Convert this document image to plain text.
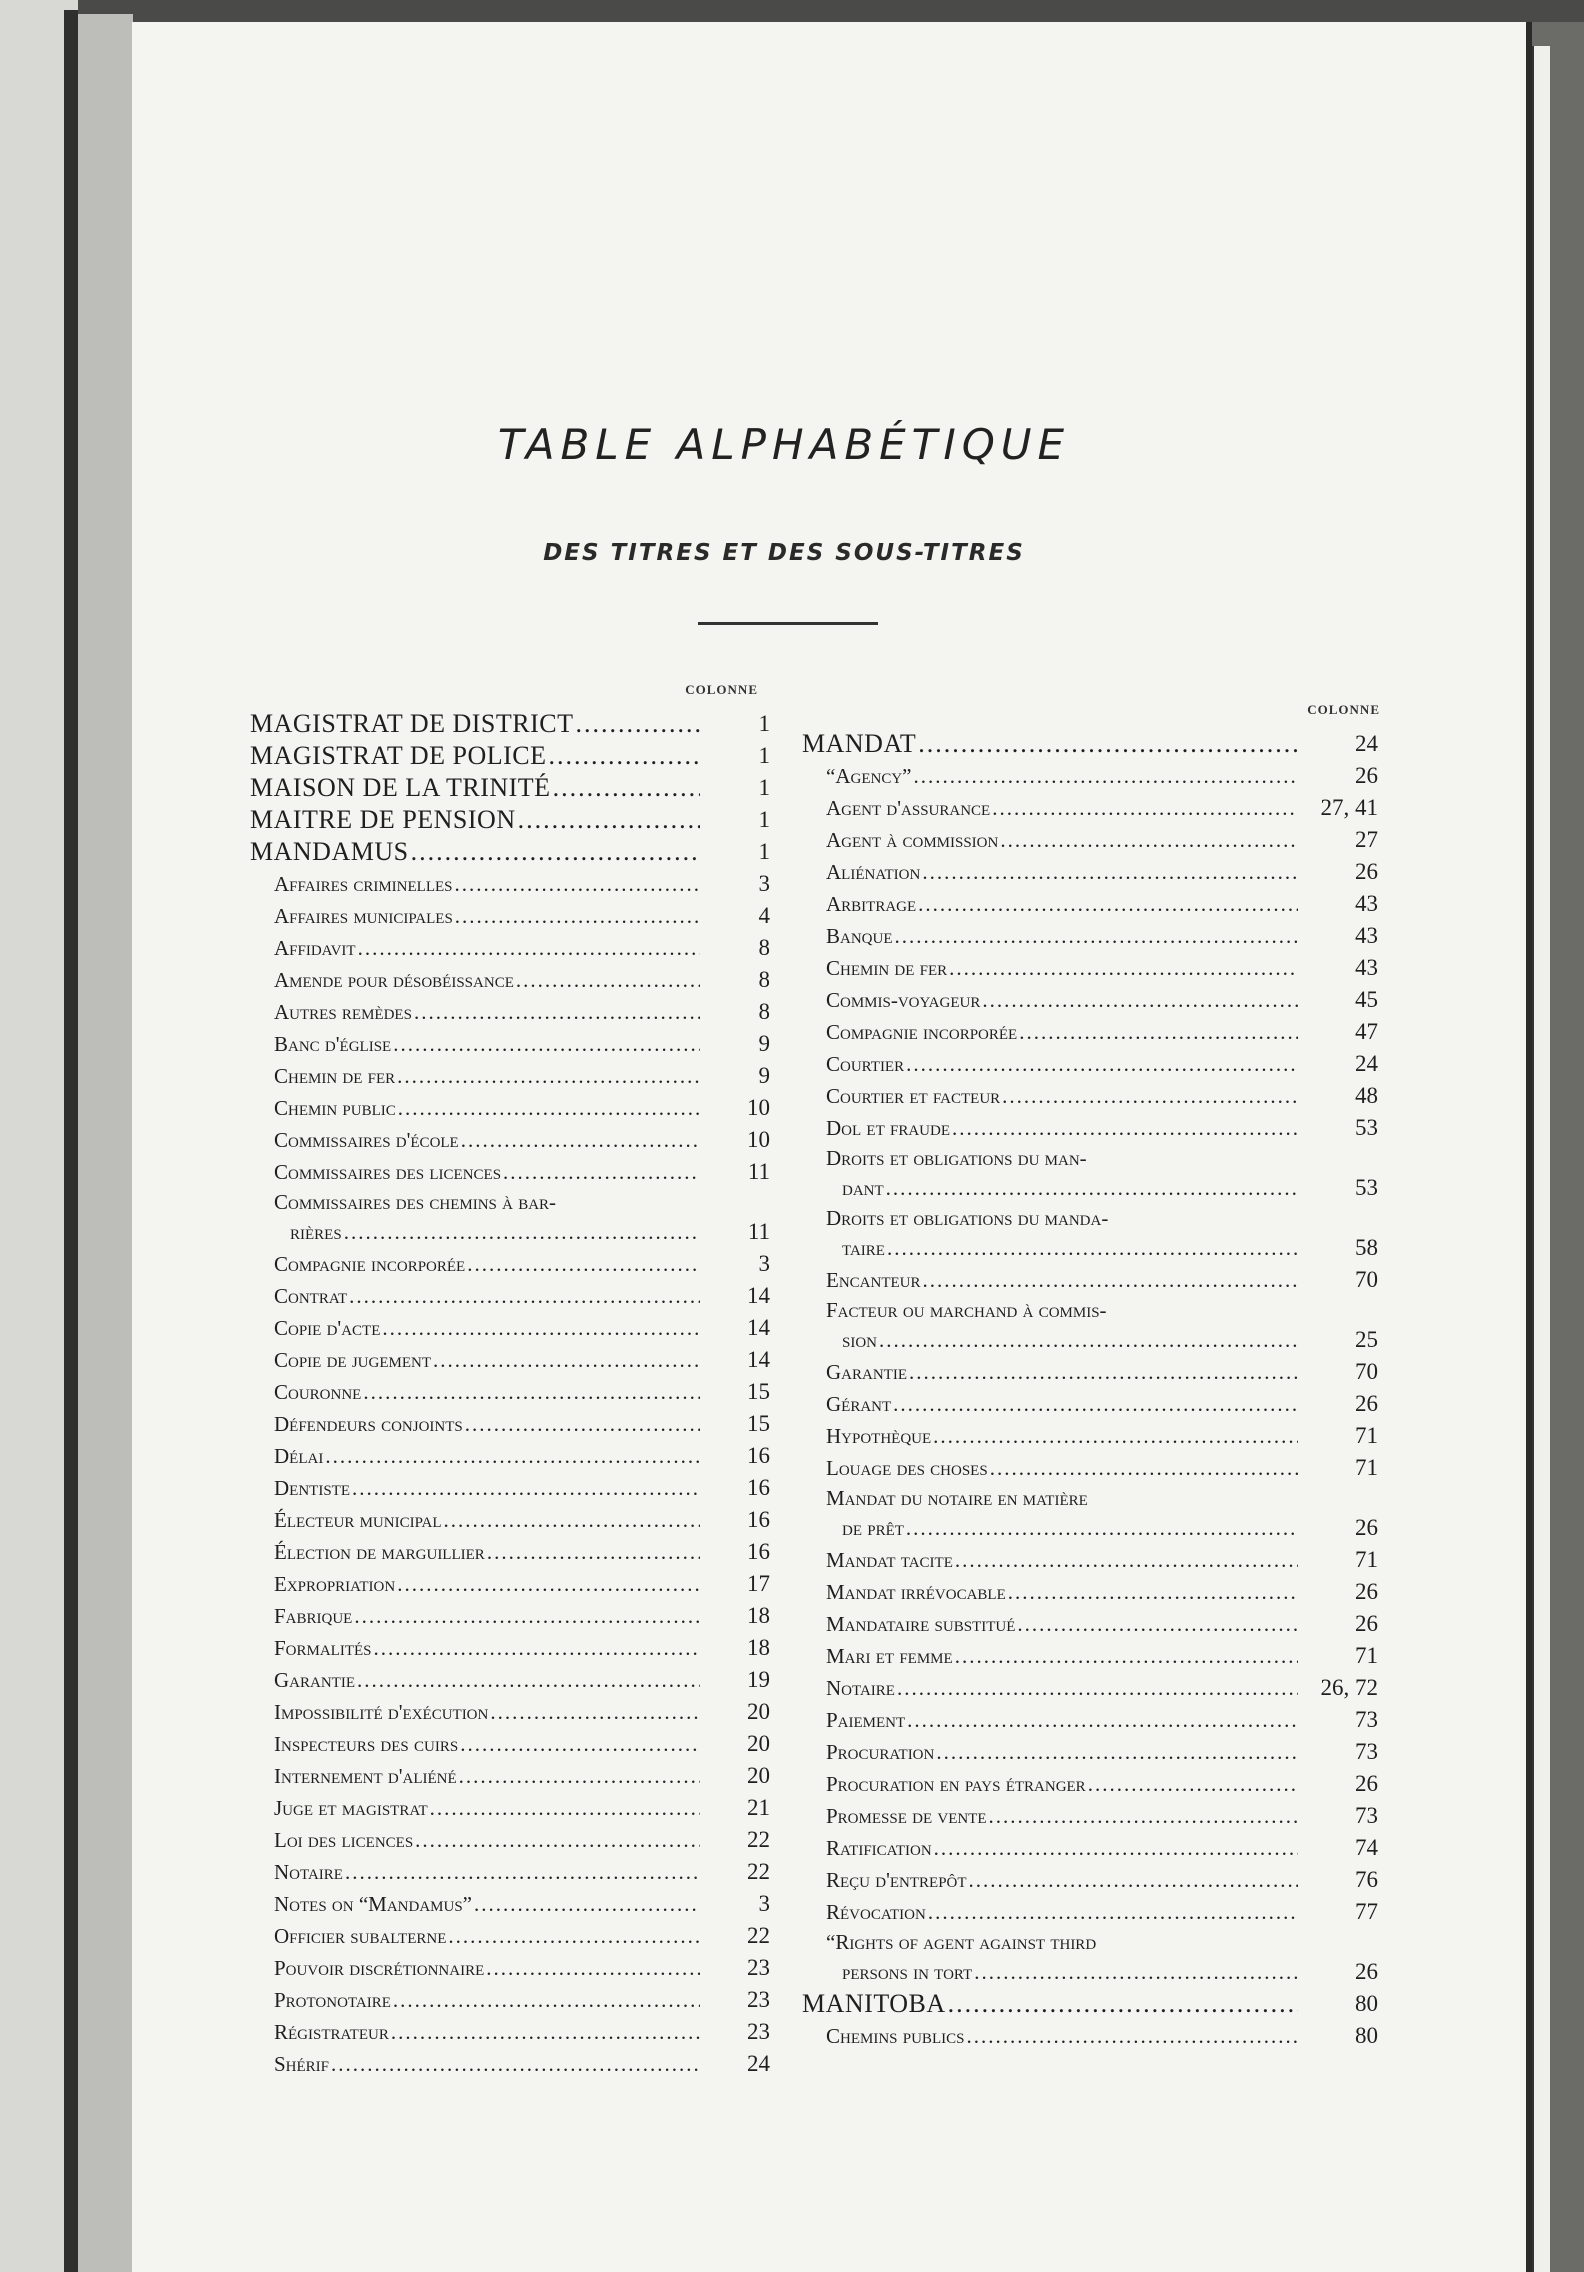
TABLE ALPHABÉTIQUE
DES TITRES ET DES SOUS-TITRES
COLONNE
MAGISTRAT DE DISTRICT .....	1
MAGISTRAT DE POLICE .....	1
MAISON DE LA TRINITÉ .....	1
MAITRE DE PENSION .....	1
MANDAMUS .....	1
Affaires criminelles .....	3
Affaires municipales .....	4
Affidavit .....	8
Amende pour désobéissance .....	8
Autres remèdes .....	8
Banc d'église .....	9
Chemin de fer .....	9
Chemin public .....	10
Commissaires d'école .....	10
Commissaires des licences .....	11
Commissaires des chemins à bar-
rières .....	11
Compagnie incorporée .....	3
Contrat .....	14
Copie d'acte .....	14
Copie de jugement .....	14
Couronne .....	15
Défendeurs conjoints .....	15
Délai .....	16
Dentiste .....	16
Électeur municipal .....	16
Élection de marguillier .....	16
Expropriation .....	17
Fabrique .....	18
Formalités .....	18
Garantie .....	19
Impossibilité d'exécution .....	20
Inspecteurs des cuirs .....	20
Internement d'aliéné .....	20
Juge et magistrat .....	21
Loi des licences .....	22
Notaire .....	22
Notes on “Mandamus” .....	3
Officier subalterne .....	22
Pouvoir discrétionnaire .....	23
Protonotaire .....	23
Régistrateur .....	23
Shérif .....	24
COLONNE
MANDAT .....	24
“Agency” .....	26
Agent d'assurance .....	27, 41
Agent à commission .....	27
Aliénation .....	26
Arbitrage .....	43
Banque .....	43
Chemin de fer .....	43
Commis-voyageur .....	45
Compagnie incorporée .....	47
Courtier .....	24
Courtier et facteur .....	48
Dol et fraude .....	53
Droits et obligations du man-
dant .....	53
Droits et obligations du manda-
taire .....	58
Encanteur .....	70
Facteur ou marchand à commis-
sion .....	25
Garantie .....	70
Gérant .....	26
Hypothèque .....	71
Louage des choses .....	71
Mandat du notaire en matière
de prêt .....	26
Mandat tacite .....	71
Mandat irrévocable .....	26
Mandataire substitué .....	26
Mari et femme .....	71
Notaire .....	26, 72
Paiement .....	73
Procuration .....	73
Procuration en pays étranger .....	26
Promesse de vente .....	73
Ratification .....	74
Reçu d'entrepôt .....	76
Révocation .....	77
“Rights of agent against third
persons in tort .....	26
MANITOBA .....	80
Chemins publics .....	80
